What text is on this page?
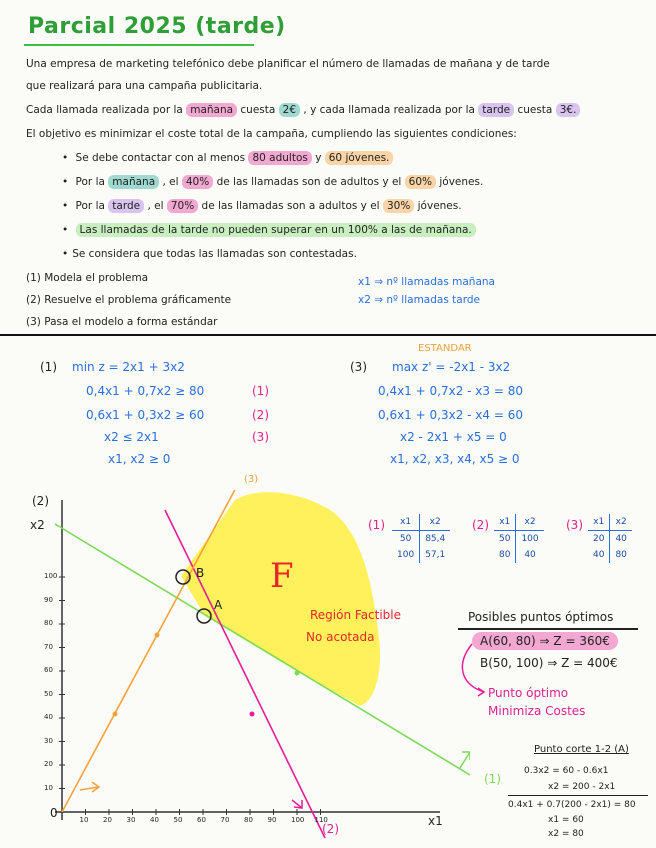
Parcial 2025 (tarde)
Una empresa de marketing telefónico debe planificar el número de llamadas de mañana y de tarde
que realizará para una campaña publicitaria.
Cada llamada realizada por la mañana cuesta 2€ , y cada llamada realizada por la tarde cuesta 3€.
El objetivo es minimizar el coste total de la campaña, cumpliendo las siguientes condiciones:
• Se debe contactar con al menos 80 adultos y 60 jóvenes.
• Por la mañana , el 40% de las llamadas son de adultos y el 60% jóvenes.
• Por la tarde , el 70% de las llamadas son a adultos y el 30% jóvenes.
• Las llamadas de la tarde no pueden superar en un 100% a las de mañana.
• Se considera que todas las llamadas son contestadas.
(1) Modela el problema
(2) Resuelve el problema gráficamente
(3) Pasa el modelo a forma estándar
x1 ⇒ nº llamadas mañana
x2 ⇒ nº llamadas tarde
(1) min z = 2x1 + 3x2
0,4x1 + 0,7x2 ≥ 80	(1)
0,6x1 + 0,3x2 ≥ 60	(2)
x2 ≤ 2x1	(3)
x1, x2 ≥ 0
ESTANDAR
(3) max z' = -2x1 - 3x2
0,4x1 + 0,7x2 - x3 = 80
0,6x1 + 0,3x2 - x4 = 60
x2 - 2x1 + x5 = 0
x1, x2, x3, x4, x5 ≥ 0
(2)
x2
x1
0	10 20 30 40 50 60 70 80 90 100 110
10
20
30
40
50
60
70
80
90
100	F
Región Factible
No acotada
B
A
(1)
(2)
(3)
(1) x1	x2
50	85,4
100	57,1
(2) x1	x2
50	100
80	40
(3) x1	x2
20	40
40	80
Posibles puntos óptimos
A(60, 80) ⇒ Z = 360€
B(50, 100) ⇒ Z = 400€
Punto óptimo
Minimiza Costes
Punto corte 1-2 (A)
0.3x2 = 60 - 0.6x1
x2 = 200 - 2x1
0.4x1 + 0.7(200 - 2x1) = 80
x1 = 60
x2 = 80
